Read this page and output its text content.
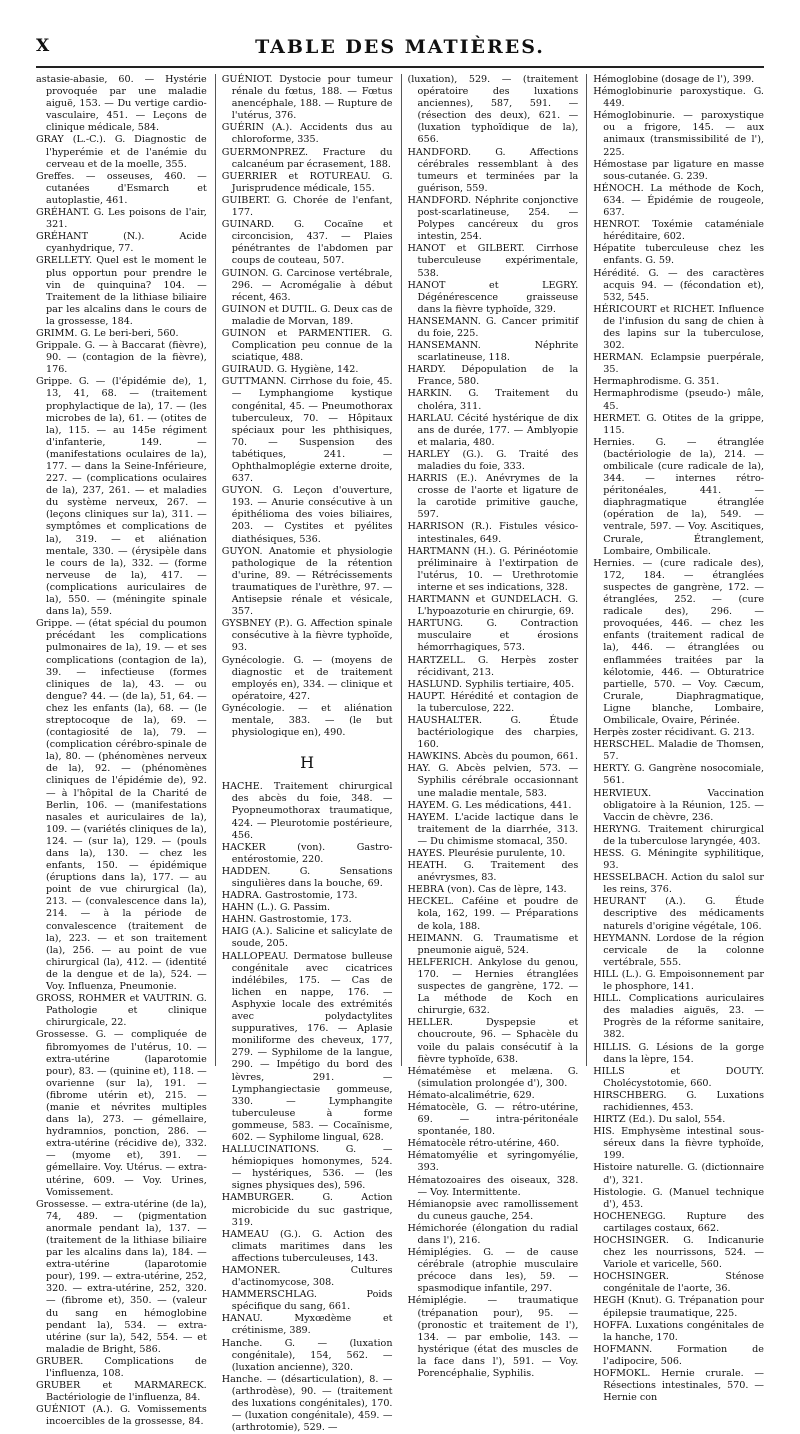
X	TABLE DES MATIÈRES.

astasie-abasie, 60. — Hystérie provoquée par une maladie aiguë, 153. — Du vertige cardio-vasculaire, 451. — Leçons de clinique médicale, 584.

GRAY (L.-C.). G. Diagnostic de l'hyperémie et de l'anémie du cerveau et de la moelle, 355.

Greffes. — osseuses, 460. — cutanées d'Esmarch et autoplastie, 461.

GRÉHANT. G. Les poisons de l'air, 321.

GRÉHANT (N.). Acide cyanhydrique, 77.

GRELLETY. Quel est le moment le plus opportun pour prendre le vin de quinquina? 104. — Traitement de la lithiase biliaire par les alcalins dans le cours de la grossesse, 184.

GRIMM. G. Le beri-beri, 560.

Grippale. G. — à Baccarat (fièvre), 90. — (contagion de la fièvre), 176.

Grippe. G. — (l'épidémie de), 1, 13, 41, 68. — (traitement prophylactique de la), 17. — (les microbes de la), 61. — (otites de la), 115. — au 145e régiment d'infanterie, 149. — (manifestations oculaires de la), 177. — dans la Seine-Inférieure, 227. — (complications oculaires de la), 237, 261. — et maladies du système nerveux, 267. — (leçons cliniques sur la), 311. — symptômes et complications de la), 319. — et aliénation mentale, 330. — (érysipèle dans le cours de la), 332. — (forme nerveuse de la), 417. — (complications auriculaires de la), 550. — (méningite spinale dans la), 559.

Grippe. — (état spécial du poumon précédant les complications pulmonaires de la), 19. — et ses complications (contagion de la), 39. — infectieuse (formes cliniques de la), 43. — ou dengue? 44. — (de la), 51, 64. — chez les enfants (la), 68. — (le streptocoque de la), 69. — (contagiosité de la), 79. — (complication cérébro-spinale de la), 80. — (phénomènes nerveux de la), 92. — (phénomènes cliniques de l'épidémie de), 92. — à l'hôpital de la Charité de Berlin, 106. — (manifestations nasales et auriculaires de la), 109. — (variétés cliniques de la), 124. — (sur la), 129. — (pouls dans la), 130. — chez les enfants, 150. — épidémique (éruptions dans la), 177. — au point de vue chirurgical (la), 213. — (convalescence dans la), 214. — à la période de convalescence (traitement de la), 223. — et son traitement (la), 256. — au point de vue chirurgical (la), 412. — (identité de la dengue et de la), 524. — Voy. Influenza, Pneumonie.

GROSS, ROHMER et VAUTRIN. G. Pathologie et clinique chirurgicale, 22.

Grossesse. G. — compliquée de fibromyomes de l'utérus, 10. — extra-utérine (laparotomie pour), 83. — (quinine et), 118. — ovarienne (sur la), 191. — (fibrome utérin et), 215. — (manie et névrites multiples dans la), 273. — gémellaire, hydramnios, ponction, 286. — extra-utérine (récidive de), 332. — (myome et), 391. — gémellaire. Voy. Utérus. — extra-utérine, 609. — Voy. Urines, Vomissement.

Grossesse. — extra-utérine (de la), 74, 489. — (pigmentation anormale pendant la), 137. — (traitement de la lithiase biliaire par les alcalins dans la), 184. — extra-utérine (laparotomie pour), 199. — extra-utérine, 252, 320. — extra-utérine, 252, 320. — (fibrome et), 350. — (valeur du sang en hémoglobine pendant la), 534. — extra-utérine (sur la), 542, 554. — et maladie de Bright, 586.

GRUBER. Complications de l'influenza, 108.

GRUBER et MARMARECK. Bactériologie de l'influenza, 84.

GUÉNIOT (A.). G. Vomissements incoercibles de la grossesse, 84.

GUÉNIOT. Dystocie pour tumeur rénale du fœtus, 188. — Fœtus anencéphale, 188. — Rupture de l'utérus, 376.

GUÉRIN (A.). Accidents dus au chloroforme, 335.

GUERMONPREZ. Fracture du calcanéum par écrasement, 188.

GUERRIER et ROTUREAU. G. Jurisprudence médicale, 155.

GUIBERT. G. Chorée de l'enfant, 177.

GUINARD. G. Cocaïne et circoncision, 437. — Plaies pénétrantes de l'abdomen par coups de couteau, 507.

GUINON. G. Carcinose vertébrale, 296. — Acromégalie à début récent, 463.

GUINON et DUTIL. G. Deux cas de maladie de Morvan, 189.

GUINON et PARMENTIER. G. Complication peu connue de la sciatique, 488.

GUIRAUD. G. Hygiène, 142.

GUTTMANN. Cirrhose du foie, 45. — Lymphangiome kystique congénital, 45. — Pneumothorax tuberculeux, 70. — Hôpitaux spéciaux pour les phthisiques, 70. — Suspension des tabétiques, 241. — Ophthalmoplégie externe droite, 637.

GUYON. G. Leçon d'ouverture, 193. — Anurie consécutive à un épithélioma des voies biliaires, 203. — Cystites et pyélites diathésiques, 536.

GUYON. Anatomie et physiologie pathologique de la rétention d'urine, 89. — Rétrécissements traumatiques de l'urèthre, 97. — Antisepsie rénale et vésicale, 357.

GYSBNEY (P.). G. Affection spinale consécutive à la fièvre typhoïde, 93.

Gynécologie. G. — (moyens de diagnostic et de traitement employés en), 334. — clinique et opératoire, 427.

Gynécologie. — et aliénation mentale, 383. — (le but physiologique en), 490.

H

HACHE. Traitement chirurgical des abcès du foie, 348. — Pyopneumothorax traumatique, 424. — Pleurotomie postérieure, 456.

HACKER (von). Gastro-entérostomie, 220.

HADDEN. G. Sensations singulières dans la bouche, 69.

HADRA. Gastrostomie, 173.

HAHN (L.). G. Passim.

HAHN. Gastrostomie, 173.

HAIG (A.). Salicine et salicylate de soude, 205.

HALLOPEAU. Dermatose bulleuse congénitale avec cicatrices indélébiles, 175. — Cas de lichen en nappe, 176. — Asphyxie locale des extrémités avec polydactylites suppuratives, 176. — Aplasie moniliforme des cheveux, 177, 279. — Syphilome de la langue, 290. — Impétigo du bord des lèvres, 291. — Lymphangiectasie gommeuse, 330. — Lymphangite tuberculeuse à forme gommeuse, 583. — Cocaïnisme, 602. — Syphilome lingual, 628.

HALLUCINATIONS. G. — hémiopiques homonymes, 524. — hystériques, 536. — (les signes physiques des), 596.

HAMBURGER. G. Action microbicide du suc gastrique, 319.

HAMEAU (G.). G. Action des climats maritimes dans les affections tuberculeuses, 143.

HAMONER. Cultures d'actinomycose, 308.

HAMMERSCHLAG. Poids spécifique du sang, 661.

HANAU. Myxœdème et crétinisme, 389.

Hanche. G. — (luxation congénitale), 154, 562. — (luxation ancienne), 320.

Hanche. — (désarticulation), 8. — (arthrodèse), 90. — (traitement des luxations congénitales), 170. — (luxation congénitale), 459. — (arthrotomie), 529. —

(luxation), 529. — (traitement opératoire des luxations anciennes), 587, 591. — (résection des deux), 621. — (luxation typhoïdique de la), 656.

HANDFORD. G. Affections cérébrales ressemblant à des tumeurs et terminées par la guérison, 559.

HANDFORD. Néphrite conjonctive post-scarlatineuse, 254. — Polypes cancéreux du gros intestin, 254.

HANOT et GILBERT. Cirrhose tuberculeuse expérimentale, 538.

HANOT et LEGRY. Dégénérescence graisseuse dans la fièvre typhoïde, 329.

HANSEMANN. G. Cancer primitif du foie, 225.

HANSEMANN. Néphrite scarlatineuse, 118.

HARDY. Dépopulation de la France, 580.

HARKIN. G. Traitement du choléra, 311.

HARLAU. Cécité hystérique de dix ans de durée, 177. — Amblyopie et malaria, 480.

HARLEY (G.). G. Traité des maladies du foie, 333.

HARRIS (E.). Anévrymes de la crosse de l'aorte et ligature de la carotide primitive gauche, 597.

HARRISON (R.). Fistules vésico-intestinales, 649.

HARTMANN (H.). G. Périnéotomie préliminaire à l'extirpation de l'utérus, 10. — Urethrotomie interne et ses indications, 328.

HARTMANN et GUNDELACH. G. L'hypoazoturie en chirurgie, 69.

HARTUNG. G. Contraction musculaire et érosions hémorrhagiques, 573.

HARTZELL. G. Herpès zoster récidivant, 213.

HASLUND. Syphilis tertiaire, 405.

HAUPT. Hérédité et contagion de la tuberculose, 222.

HAUSHALTER. G. Étude bactériologique des charpies, 160.

HAWKINS. Abcès du poumon, 661.

HAY. G. Abcès pelvien, 573. — Syphilis cérébrale occasionnant une maladie mentale, 583.

HAYEM. G. Les médications, 441.

HAYEM. L'acide lactique dans le traitement de la diarrhée, 313. — Du chimisme stomacal, 350.

HAYES. Pleurésie purulente, 10.

HEATH. G. Traitement des anévrysmes, 83.

HEBRA (von). Cas de lèpre, 143.

HECKEL. Caféine et poudre de kola, 162, 199. — Préparations de kola, 188.

HEIMANN. G. Traumatisme et pneumonie aiguë, 524.

HELFERICH. Ankylose du genou, 170. — Hernies étranglées suspectes de gangrène, 172. — La méthode de Koch en chirurgie, 632.

HELLER. Dyspepsie et choucroute, 96. — Sphacèle du voile du palais consécutif à la fièvre typhoïde, 638.

Hématémèse et melæna. G. (simulation prolongée d'), 300.

Hémato-alcalimétrie, 629.

Hématocèle, G. — rétro-utérine, 69. — intra-péritonéale spontanée, 180.

Hématocèle rétro-utérine, 460.

Hématomyélie et syringomyélie, 393.

Hématozoaires des oiseaux, 328. — Voy. Intermittente.

Hémianopsie avec ramollissement du cuneus gauche, 254.

Hémichorée (élongation du radial dans l'), 216.

Hémiplégies. G. — de cause cérébrale (atrophie musculaire précoce dans les), 59. — spasmodique infantile, 297.

Hémiplégie. — traumatique (trépanation pour), 95. — (pronostic et traitement de l'), 134. — par embolie, 143. — hystérique (état des muscles de la face dans l'), 591. — Voy. Porencéphalie, Syphilis.

Hémoglobine (dosage de l'), 399.

Hémoglobinurie paroxystique. G. 449.

Hémoglobinurie. — paroxystique ou a frigore, 145. — aux animaux (transmissibilité de l'), 225.

Hémostase par ligature en masse sous-cutanée. G. 239.

HÉNOCH. La méthode de Koch, 634. — Épidémie de rougeole, 637.

HENROT. Toxémie cataméniale héréditaire, 602.

Hépatite tuberculeuse chez les enfants. G. 59.

Hérédité. G. — des caractères acquis 94. — (fécondation et), 532, 545.

HÉRICOURT et RICHET. Influence de l'infusion du sang de chien à des lapins sur la tuberculose, 302.

HERMAN. Eclampsie puerpérale, 35.

Hermaphrodisme. G. 351.

Hermaphrodisme (pseudo-) mâle, 45.

HERMET. G. Otites de la grippe, 115.

Hernies. G. — étranglée (bactériologie de la), 214. — ombilicale (cure radicale de la), 344. — internes rétro-péritonéales, 441. — diaphragmatique étranglée (opération de la), 549. — ventrale, 597. — Voy. Ascitiques, Crurale, Étranglement, Lombaire, Ombilicale.

Hernies. — (cure radicale des), 172, 184. — étranglées suspectes de gangrène, 172. — étranglées, 252. — (cure radicale des), 296. — provoquées, 446. — chez les enfants (traitement radical de la), 446. — étranglées ou enflammées traitées par la kélotomie, 446. — Obturatrice partielle, 570. — Voy. Cæcum, Crurale, Diaphragmatique, Ligne blanche, Lombaire, Ombilicale, Ovaire, Périnée.

Herpès zoster récidivant. G. 213.

HERSCHEL. Maladie de Thomsen, 57.

HERTY. G. Gangrène nosocomiale, 561.

HERVIEUX. Vaccination obligatoire à la Réunion, 125. — Vaccin de chèvre, 236.

HERYNG. Traitement chirurgical de la tuberculose laryngée, 403.

HESS. G. Méningite syphilitique, 93.

HESSELBACH. Action du salol sur les reins, 376.

HEURANT (A.). G. Étude descriptive des médicaments naturels d'origine végétale, 106.

HEYMANN. Lordose de la région cervicale de la colonne vertébrale, 555.

HILL (L.). G. Empoisonnement par le phosphore, 141.

HILL. Complications auriculaires des maladies aiguës, 23. — Progrès de la réforme sanitaire, 382.

HILLIS. G. Lésions de la gorge dans la lèpre, 154.

HILLS et DOUTY. Cholécystotomie, 660.

HIRSCHBERG. G. Luxations rachidiennes, 453.

HIRTZ (Ed.). Du salol, 554.

HIS. Emphysème intestinal sous-séreux dans la fièvre typhoïde, 199.

Histoire naturelle. G. (dictionnaire d'), 321.

Histologie. G. (Manuel technique d'), 453.

HOCHENEGG. Rupture des cartilages costaux, 662.

HOCHSINGER. G. Indicanurie chez les nourrissons, 524. — Variole et varicelle, 560.

HOCHSINGER. Sténose congénitale de l'aorte, 36.

HEGH (Knut). G. Trépanation pour épilepsie traumatique, 225.

HOFFA. Luxations congénitales de la hanche, 170.

HOFMANN. Formation de l'adipocire, 506.

HOFMOKL. Hernie crurale. — Résections intestinales, 570. — Hernie con
